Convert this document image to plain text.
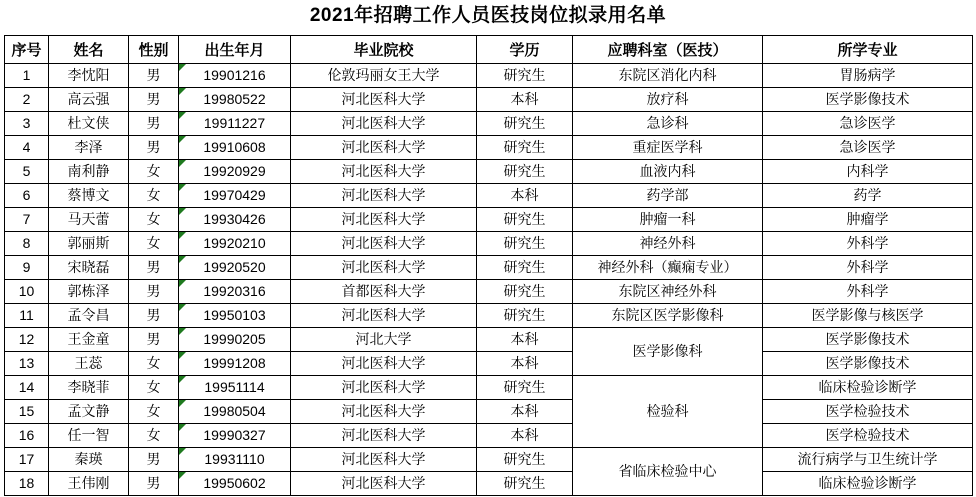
2021年招聘工作人员医技岗位拟录用名单
序号	姓名	性别	出生年月	毕业院校	学历	应聘科室（医技）	所学专业
1	李忱阳	男	19901216	伦敦玛丽女王大学	研究生	东院区消化内科	胃肠病学
2	高云强	男	19980522	河北医科大学	本科	放疗科	医学影像技术
3	杜文侠	男	19911227	河北医科大学	研究生	急诊科	急诊医学
4	李泽	男	19910608	河北医科大学	研究生	重症医学科	急诊医学
5	南利静	女	19920929	河北医科大学	研究生	血液内科	内科学
6	蔡博文	女	19970429	河北医科大学	本科	药学部	药学
7	马天蕾	女	19930426	河北医科大学	研究生	肿瘤一科	肿瘤学
8	郭丽斯	女	19920210	河北医科大学	研究生	神经外科	外科学
9	宋晓磊	男	19920520	河北医科大学	研究生	神经外科（癫痫专业）	外科学
10	郭栋泽	男	19920316	首都医科大学	研究生	东院区神经外科	外科学
11	孟令昌	男	19950103	河北医科大学	研究生	东院区医学影像科	医学影像与核医学
12	王金童	男	19990205	河北大学	本科	医学影像科	医学影像技术
13	王蕊	女	19991208	河北医科大学	本科		医学影像技术
14	李晓菲	女	19951114	河北医科大学	研究生	检验科	临床检验诊断学
15	孟文静	女	19980504	河北医科大学	本科		医学检验技术
16	任一智	女	19990327	河北医科大学	本科		医学检验技术
17	秦瑛	男	19931110	河北医科大学	研究生	省临床检验中心	流行病学与卫生统计学
18	王伟刚	男	19950602	河北医科大学	研究生		临床检验诊断学
